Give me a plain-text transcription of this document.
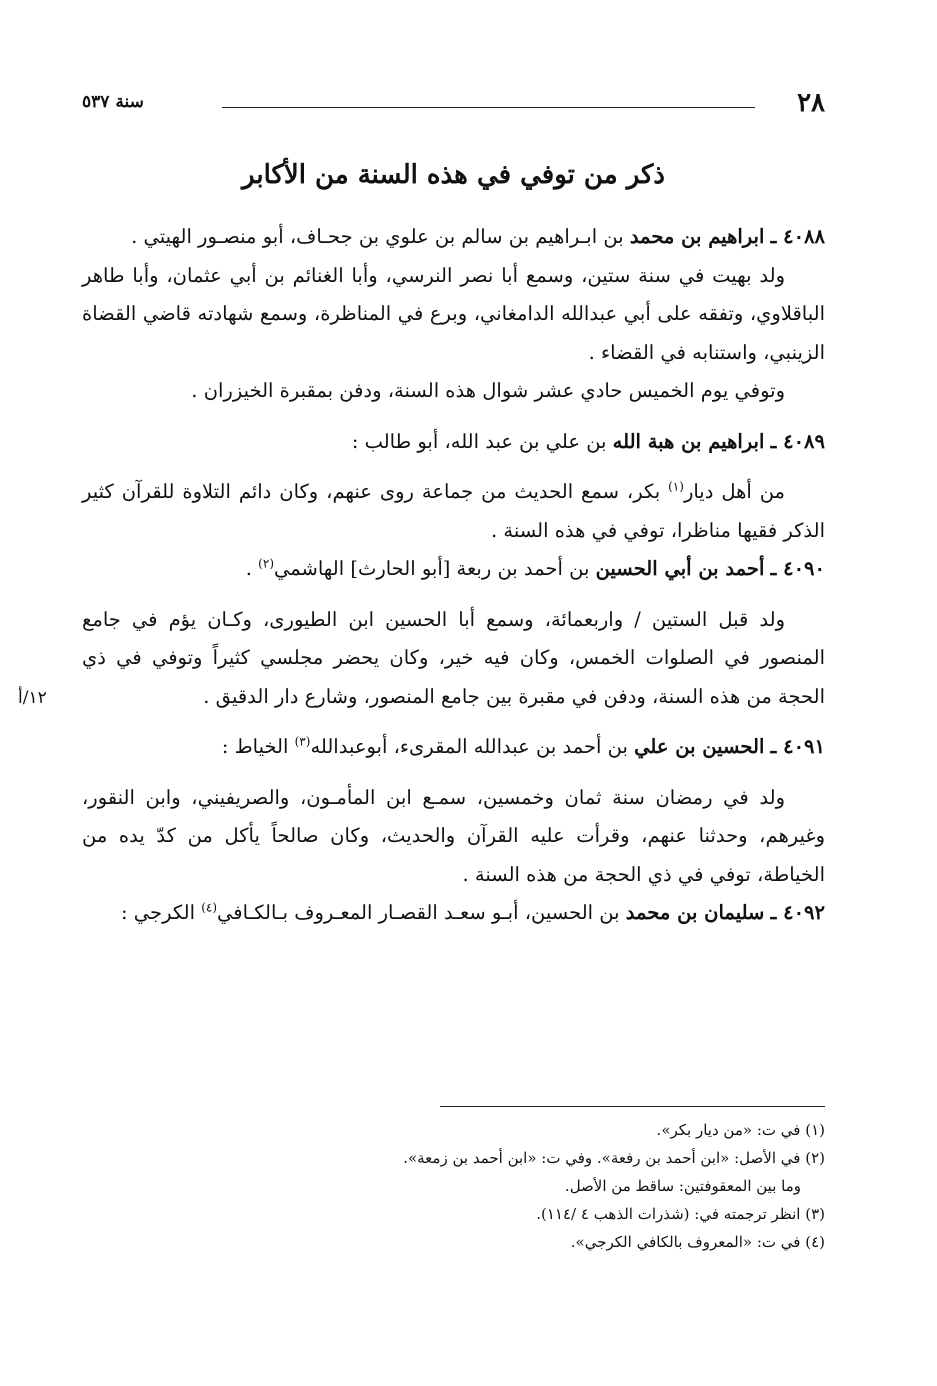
٢٨
سنة ٥٣٧
ذكر من توفي في هذه السنة من الأكابر

٤٠٨٨ ـ ابراهيم بن محمد بن ابـراهيم بن سالم بن علوي بن جحـاف، أبو منصـور الهيتي .

ولد بهيت في سنة ستين، وسمع أبا نصر النرسي، وأبا الغنائم بن أبي عثمان، وأبا طاهر الباقلاوي، وتفقه على أبي عبدالله الدامغاني، وبرع في المناظرة، وسمع شهادته قاضي القضاة الزينبي، واستنابه في القضاء .

وتوفي يوم الخميس حادي عشر شوال هذه السنة، ودفن بمقبرة الخيزران .

٤٠٨٩ ـ ابراهيم بن هبة الله بن علي بن عبد الله، أبو طالب :

من أهل ديار$^{(١)}$ بكر، سمع الحديث من جماعة روى عنهم، وكان دائم التلاوة للقرآن كثير الذكر فقيها مناظرا، توفي في هذه السنة .

٤٠٩٠ ـ أحمد بن أبي الحسين بن أحمد بن ربعة [أبو الحارث] الهاشمي$^{(٢)}$ .

ولد قبل الستين / واربعمائة، وسمع أبا الحسين ابن الطيورى، وكـان يؤم في جامع المنصور في الصلوات الخمس، وكان فيه خير، وكان يحضر مجلسي كثيراً وتوفي في ذي الحجة من هذه السنة، ودفن في مقبرة بين جامع المنصور، وشارع دار الدقيق .

٤٠٩١ ـ الحسين بن علي بن أحمد بن عبدالله المقرىء، أبوعبدالله$^{(٣)}$ الخياط :

ولد في رمضان سنة ثمان وخمسين، سمـع ابن المأمـون، والصريفيني، وابن النقور، وغيرهم، وحدثنا عنهم، وقرأت عليه القرآن والحديث، وكان صالحاً يأكل من كدّ يده من الخياطة، توفي في ذي الحجة من هذه السنة .

٤٠٩٢ ـ سليمان بن محمد بن الحسين، أبـو سعـد القصـار المعـروف بـالكـافي$^{(٤)}$ الكرجي :

١٢/أ

(١) في ت: «من ديار بكر».

(٢) في الأصل: «ابن أحمد بن رفعة». وفي ت: «ابن أحمد بن زمعة».

وما بين المعقوفتين: ساقط من الأصل.

(٣) انظر ترجمته في: (شذرات الذهب ٤ /١١٤).

(٤) في ت: «المعروف بالكافي الكرجي».
